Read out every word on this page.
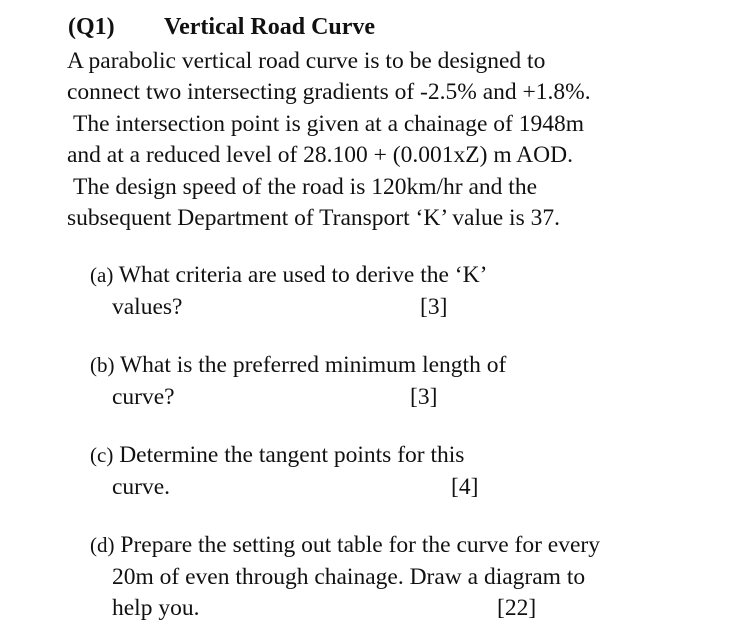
(Q1) Vertical Road Curve
A parabolic vertical road curve is to be designed to
connect two intersecting gradients of -2.5% and +1.8%.
The intersection point is given at a chainage of 1948m
and at a reduced level of 28.100 + (0.001xZ) m AOD.
The design speed of the road is 120km/hr and the
subsequent Department of Transport ‘K’ value is 37.
(a) What criteria are used to derive the ‘K’
values?	[3]
(b) What is the preferred minimum length of
curve?	[3]
(c) Determine the tangent points for this
curve.	[4]
(d) Prepare the setting out table for the curve for every
20m of even through chainage. Draw a diagram to
help you.	[22]
